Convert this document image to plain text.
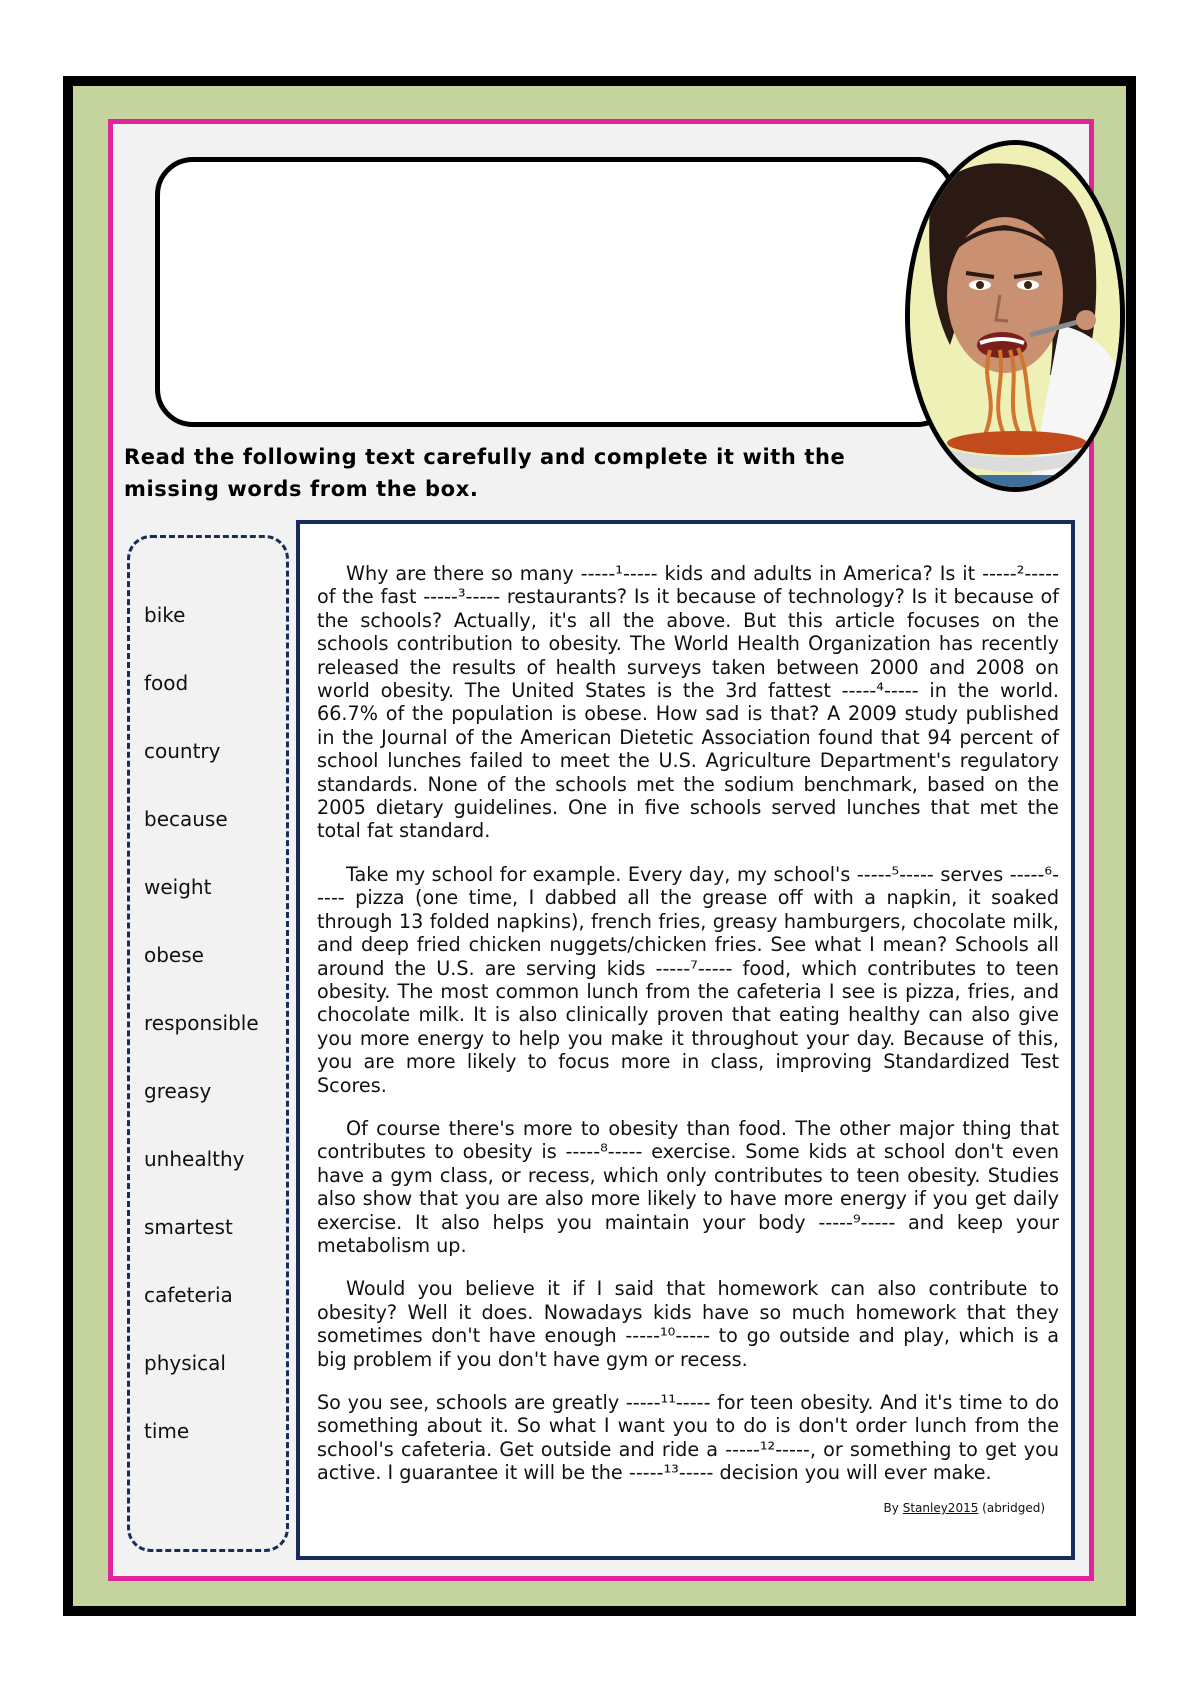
Read the following text carefully and complete it with the missing words from the box.

bike
food
country
because
weight
obese
responsible
greasy
unhealthy
smartest
cafeteria
physical
time

Why are there so many -----¹----- kids and adults in America? Is it -----²----- of the fast -----³----- restaurants? Is it because of technology? Is it because of the schools? Actually, it's all the above. But this article focuses on the schools contribution to obesity. The World Health Organization has recently released the results of health surveys taken between 2000 and 2008 on world obesity. The United States is the 3rd fattest -----⁴----- in the world. 66.7% of the population is obese. How sad is that? A 2009 study published in the Journal of the American Dietetic Association found that 94 percent of school lunches failed to meet the U.S. Agriculture Department's regulatory standards. None of the schools met the sodium benchmark, based on the 2005 dietary guidelines. One in five schools served lunches that met the total fat standard.

Take my school for example. Every day, my school's -----⁵----- serves -----⁶----- pizza (one time, I dabbed all the grease off with a napkin, it soaked through 13 folded napkins), french fries, greasy hamburgers, chocolate milk, and deep fried chicken nuggets/chicken fries. See what I mean? Schools all around the U.S. are serving kids -----⁷----- food, which contributes to teen obesity. The most common lunch from the cafeteria I see is pizza, fries, and chocolate milk. It is also clinically proven that eating healthy can also give you more energy to help you make it throughout your day. Because of this, you are more likely to focus more in class, improving Standardized Test Scores.

Of course there's more to obesity than food. The other major thing that contributes to obesity is -----⁸----- exercise. Some kids at school don't even have a gym class, or recess, which only contributes to teen obesity. Studies also show that you are also more likely to have more energy if you get daily exercise. It also helps you maintain your body -----⁹----- and keep your metabolism up.

Would you believe it if I said that homework can also contribute to obesity? Well it does. Nowadays kids have so much homework that they sometimes don't have enough -----¹⁰----- to go outside and play, which is a big problem if you don't have gym or recess.

So you see, schools are greatly -----¹¹----- for teen obesity. And it's time to do something about it. So what I want you to do is don't order lunch from the school's cafeteria. Get outside and ride a -----¹²-----, or something to get you active. I guarantee it will be the -----¹³----- decision you will ever make.

By Stanley2015 (abridged)
